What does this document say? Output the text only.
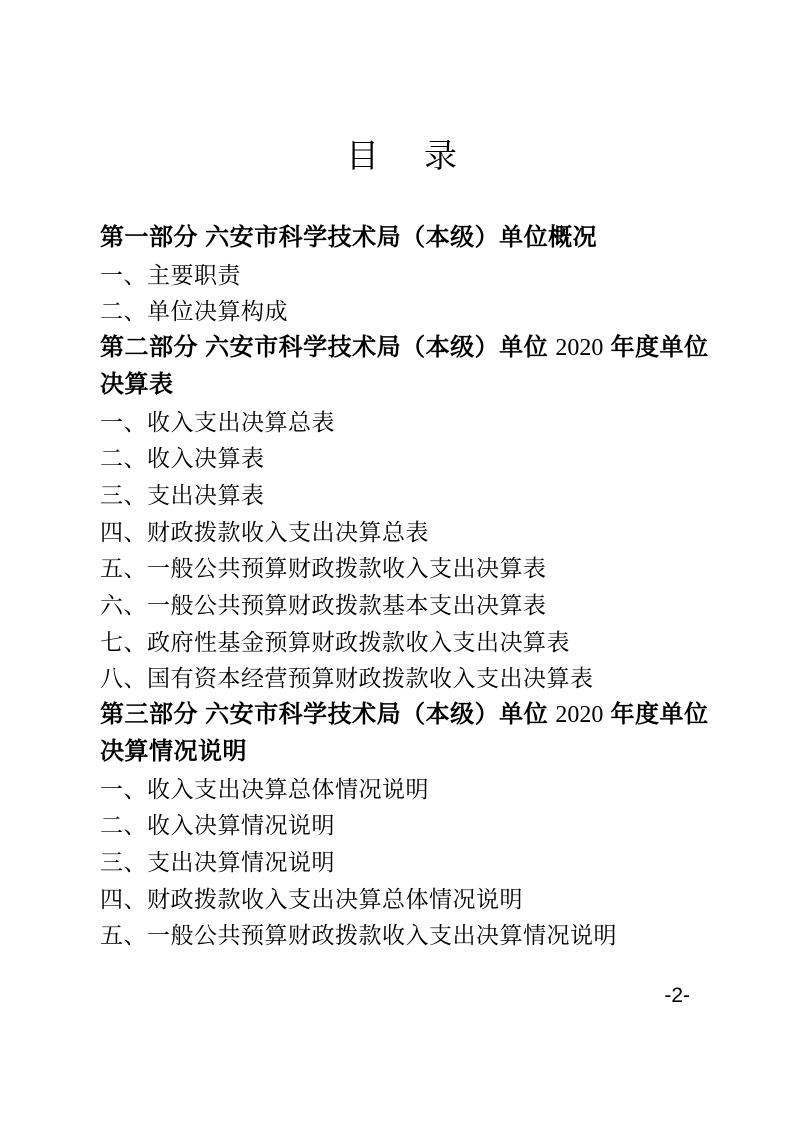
目　录
第一部分 六安市科学技术局（本级）单位概况
一、主要职责
二、单位决算构成
第二部分 六安市科学技术局（本级）单位 2020 年度单位
决算表
一、收入支出决算总表
二、收入决算表
三、支出决算表
四、财政拨款收入支出决算总表
五、一般公共预算财政拨款收入支出决算表
六、一般公共预算财政拨款基本支出决算表
七、政府性基金预算财政拨款收入支出决算表
八、国有资本经营预算财政拨款收入支出决算表
第三部分 六安市科学技术局（本级）单位 2020 年度单位
决算情况说明
一、收入支出决算总体情况说明
二、收入决算情况说明
三、支出决算情况说明
四、财政拨款收入支出决算总体情况说明
五、一般公共预算财政拨款收入支出决算情况说明
-2-
